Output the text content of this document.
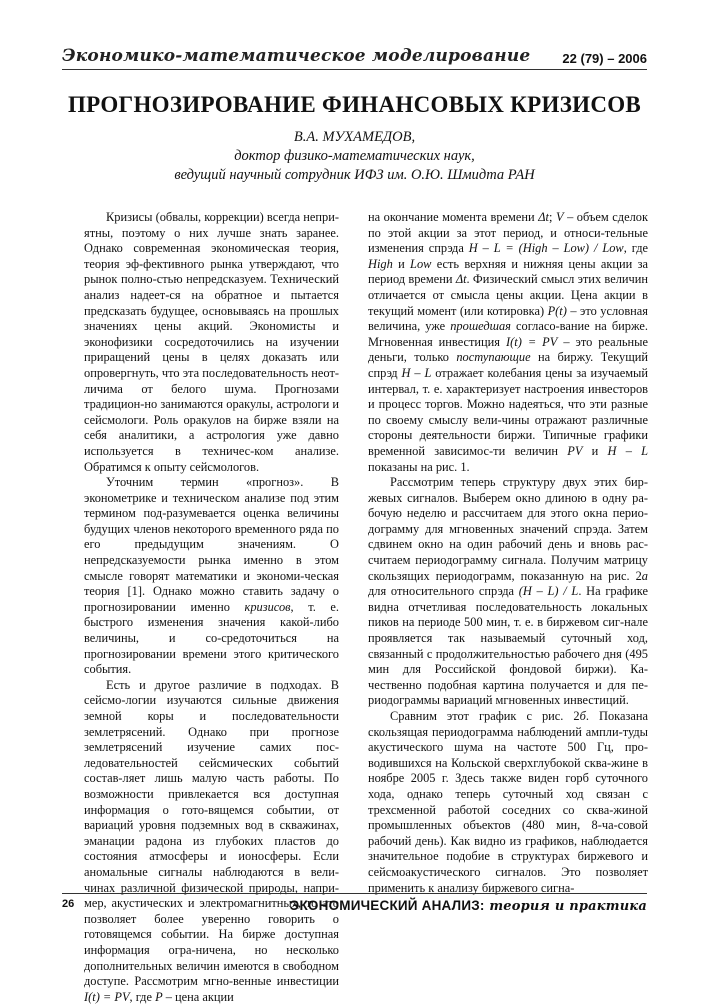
Экономико-математическое моделирование 22 (79) – 2006
ПРОГНОЗИРОВАНИЕ ФИНАНСОВЫХ КРИЗИСОВ
В.А. МУХАМЕДОВ,
доктор физико-математических наук,
ведущий научный сотрудник ИФЗ им. О.Ю. Шмидта РАН

Кризисы (обвалы, коррекции) всегда непри-ятны, поэтому о них лучше знать заранее. Однако современная экономическая теория, теория эф-фективного рынка утверждают, что рынок полно-стью непредсказуем. Технический анализ надеет-ся на обратное и пытается предсказать будущее, основываясь на прошлых значениях цены акций. Экономисты и эконофизики сосредоточились на изучении приращений цены в целях доказать или опровергнуть, что эта последовательность неот-личима от белого шума. Прогнозами традицион-но занимаются оракулы, астрологи и сейсмологи. Роль оракулов на бирже взяли на себя аналитики, а астрология уже давно используется в техничес-ком анализе. Обратимся к опыту сейсмологов.

Уточним термин «прогноз». В эконометрике и техническом анализе под этим термином под-разумевается оценка величины будущих членов некоторого временного ряда по его предыдущим значениям. О непредсказуемости рынка именно в этом смысле говорят математики и экономи-ческая теория [1]. Однако можно ставить задачу о прогнозировании именно кризисов, т. е. быстрого изменения значения какой-либо величины, и со-средоточиться на прогнозировании времени этого критического события.

Есть и другое различие в подходах. В сейсмо-логии изучаются сильные движения земной коры и последовательности землетрясений. Однако при прогнозе землетрясений изучение самих пос-ледовательностей сейсмических событий состав-ляет лишь малую часть работы. По возможности привлекается вся доступная информация о гото-вящемся событии, от вариаций уровня подземных вод в скважинах, эманации радона из глубоких пластов до состояния атмосферы и ионосферы. Если аномальные сигналы наблюдаются в вели-чинах различной физической природы, напри-мер, акустических и электромагнитных, то это позволяет более уверенно говорить о готовящемся событии. На бирже доступная информация огра-ничена, но несколько дополнительных величин имеются в свободном доступе. Рассмотрим мгно-венные инвестиции I(t) = PV, где P – цена акции

на окончание момента времени Δt; V – объем сделок по этой акции за этот период, и относи-тельные изменения спрэда H – L = (High – Low) / Low, где High и Low есть верхняя и нижняя цены акции за период времени Δt. Физический смысл этих величин отличается от смысла цены акции. Цена акции в текущий момент (или котировка) P(t) – это условная величина, уже прошедшая согласо-вание на бирже. Мгновенная инвестиция I(t) = PV – это реальные деньги, только поступающие на биржу. Текущий спрэд H – L отражает колебания цены за изучаемый интервал, т. е. характеризует настроения инвесторов и процесс торгов. Можно надеяться, что эти разные по своему смыслу вели-чины отражают различные стороны деятельности биржи. Типичные графики временной зависимос-ти величин PV и H – L показаны на рис. 1.

Рассмотрим теперь структуру двух этих бир-жевых сигналов. Выберем окно длиною в одну ра-бочую неделю и рассчитаем для этого окна перио-дограмму для мгновенных значений спрэда. Затем сдвинем окно на один рабочий день и вновь рас-считаем периодограмму сигнала. Получим матрицу скользящих периодограмм, показанную на рис. 2а для относительного спрэда (H – L) / L. На графике видна отчетливая последовательность локальных пиков на периоде 500 мин, т. е. в биржевом сиг-нале проявляется так называемый суточный ход, связанный с продолжительностью рабочего дня (495 мин для Российской фондовой биржи). Ка-чественно подобная картина получается и для пе-риодограммы вариаций мгновенных инвестиций.

Сравним этот график с рис. 2б. Показана скользящая периодограмма наблюдений ампли-туды акустического шума на частоте 500 Гц, про-водившихся на Кольской сверхглубокой сква-жине в ноябре 2005 г. Здесь также виден горб суточного хода, однако теперь суточный ход связан с трехсменной работой соседних со сква-жиной промышленных объектов (480 мин, 8-ча-совой рабочий день). Как видно из графиков, наблюдается значительное подобие в структурах биржевого и сейсмоакустического сигналов. Это позволяет применить к анализу биржевого сигна-

26	ЭКОНОМИЧЕСКИЙ АНАЛИЗ: теория и практика
